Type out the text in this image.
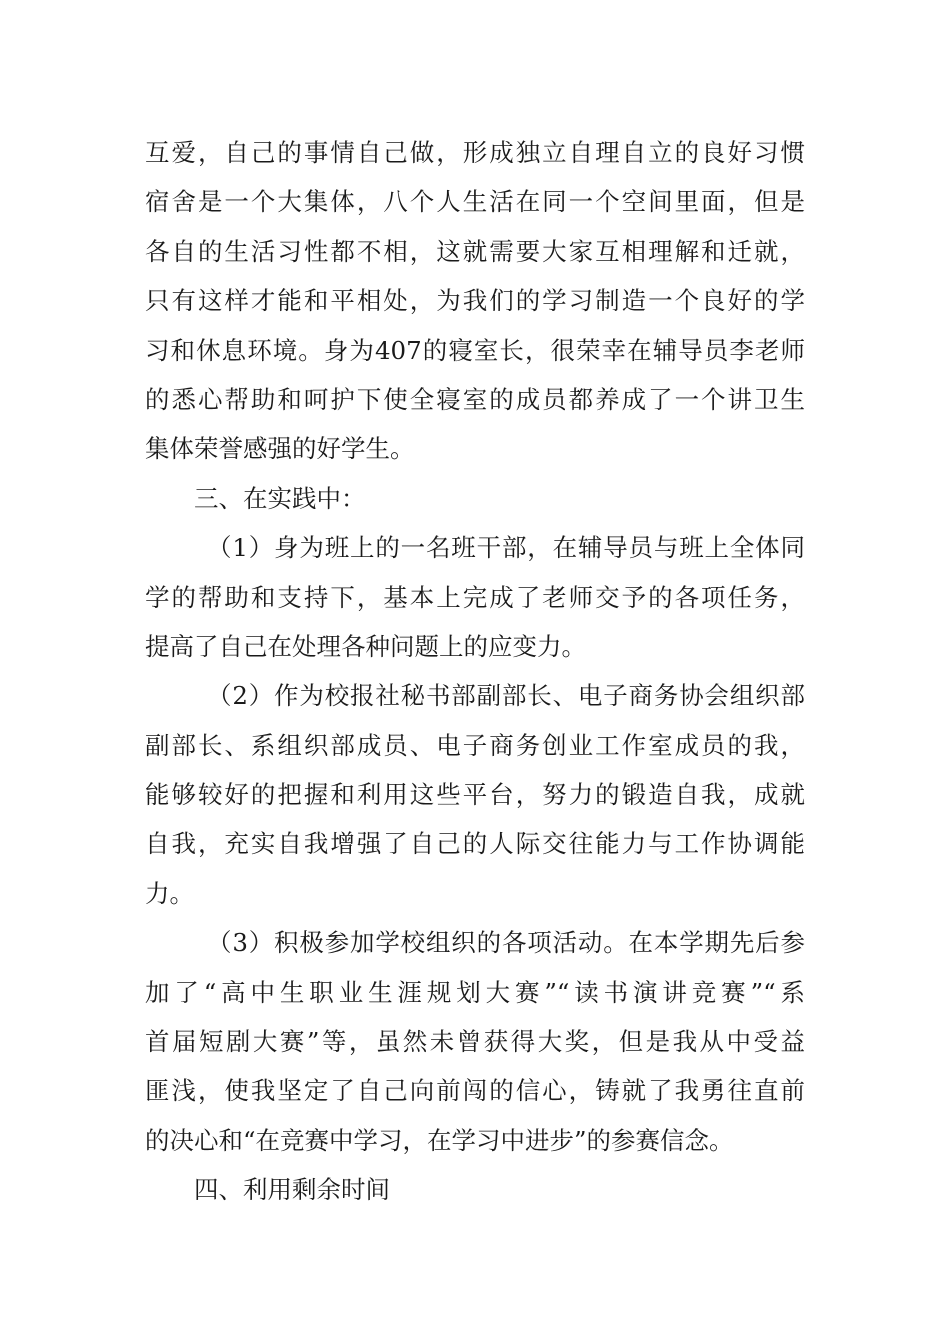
互爱，自己的事情自己做，形成独立自理自立的良好习惯
宿舍是一个大集体，八个人生活在同一个空间里面，但是
各自的生活习性都不相，这就需要大家互相理解和迁就，
只有这样才能和平相处，为我们的学习制造一个良好的学
习和休息环境。身为407的寝室长，很荣幸在辅导员李老师
的悉心帮助和呵护下使全寝室的成员都养成了一个讲卫生
集体荣誉感强的好学生。
三、在实践中：
（1）身为班上的一名班干部，在辅导员与班上全体同
学的帮助和支持下，基本上完成了老师交予的各项任务，
提高了自己在处理各种问题上的应变力。
（2）作为校报社秘书部副部长、电子商务协会组织部
副部长、系组织部成员、电子商务创业工作室成员的我，
能够较好的把握和利用这些平台，努力的锻造自我，成就
自我，充实自我增强了自己的人际交往能力与工作协调能
力。
（3）积极参加学校组织的各项活动。在本学期先后参
加了“高中生职业生涯规划大赛”“读书演讲竞赛”“系
首届短剧大赛”等，虽然未曾获得大奖，但是我从中受益
匪浅，使我坚定了自己向前闯的信心，铸就了我勇往直前
的决心和“在竞赛中学习，在学习中进步”的参赛信念。
四、利用剩余时间
